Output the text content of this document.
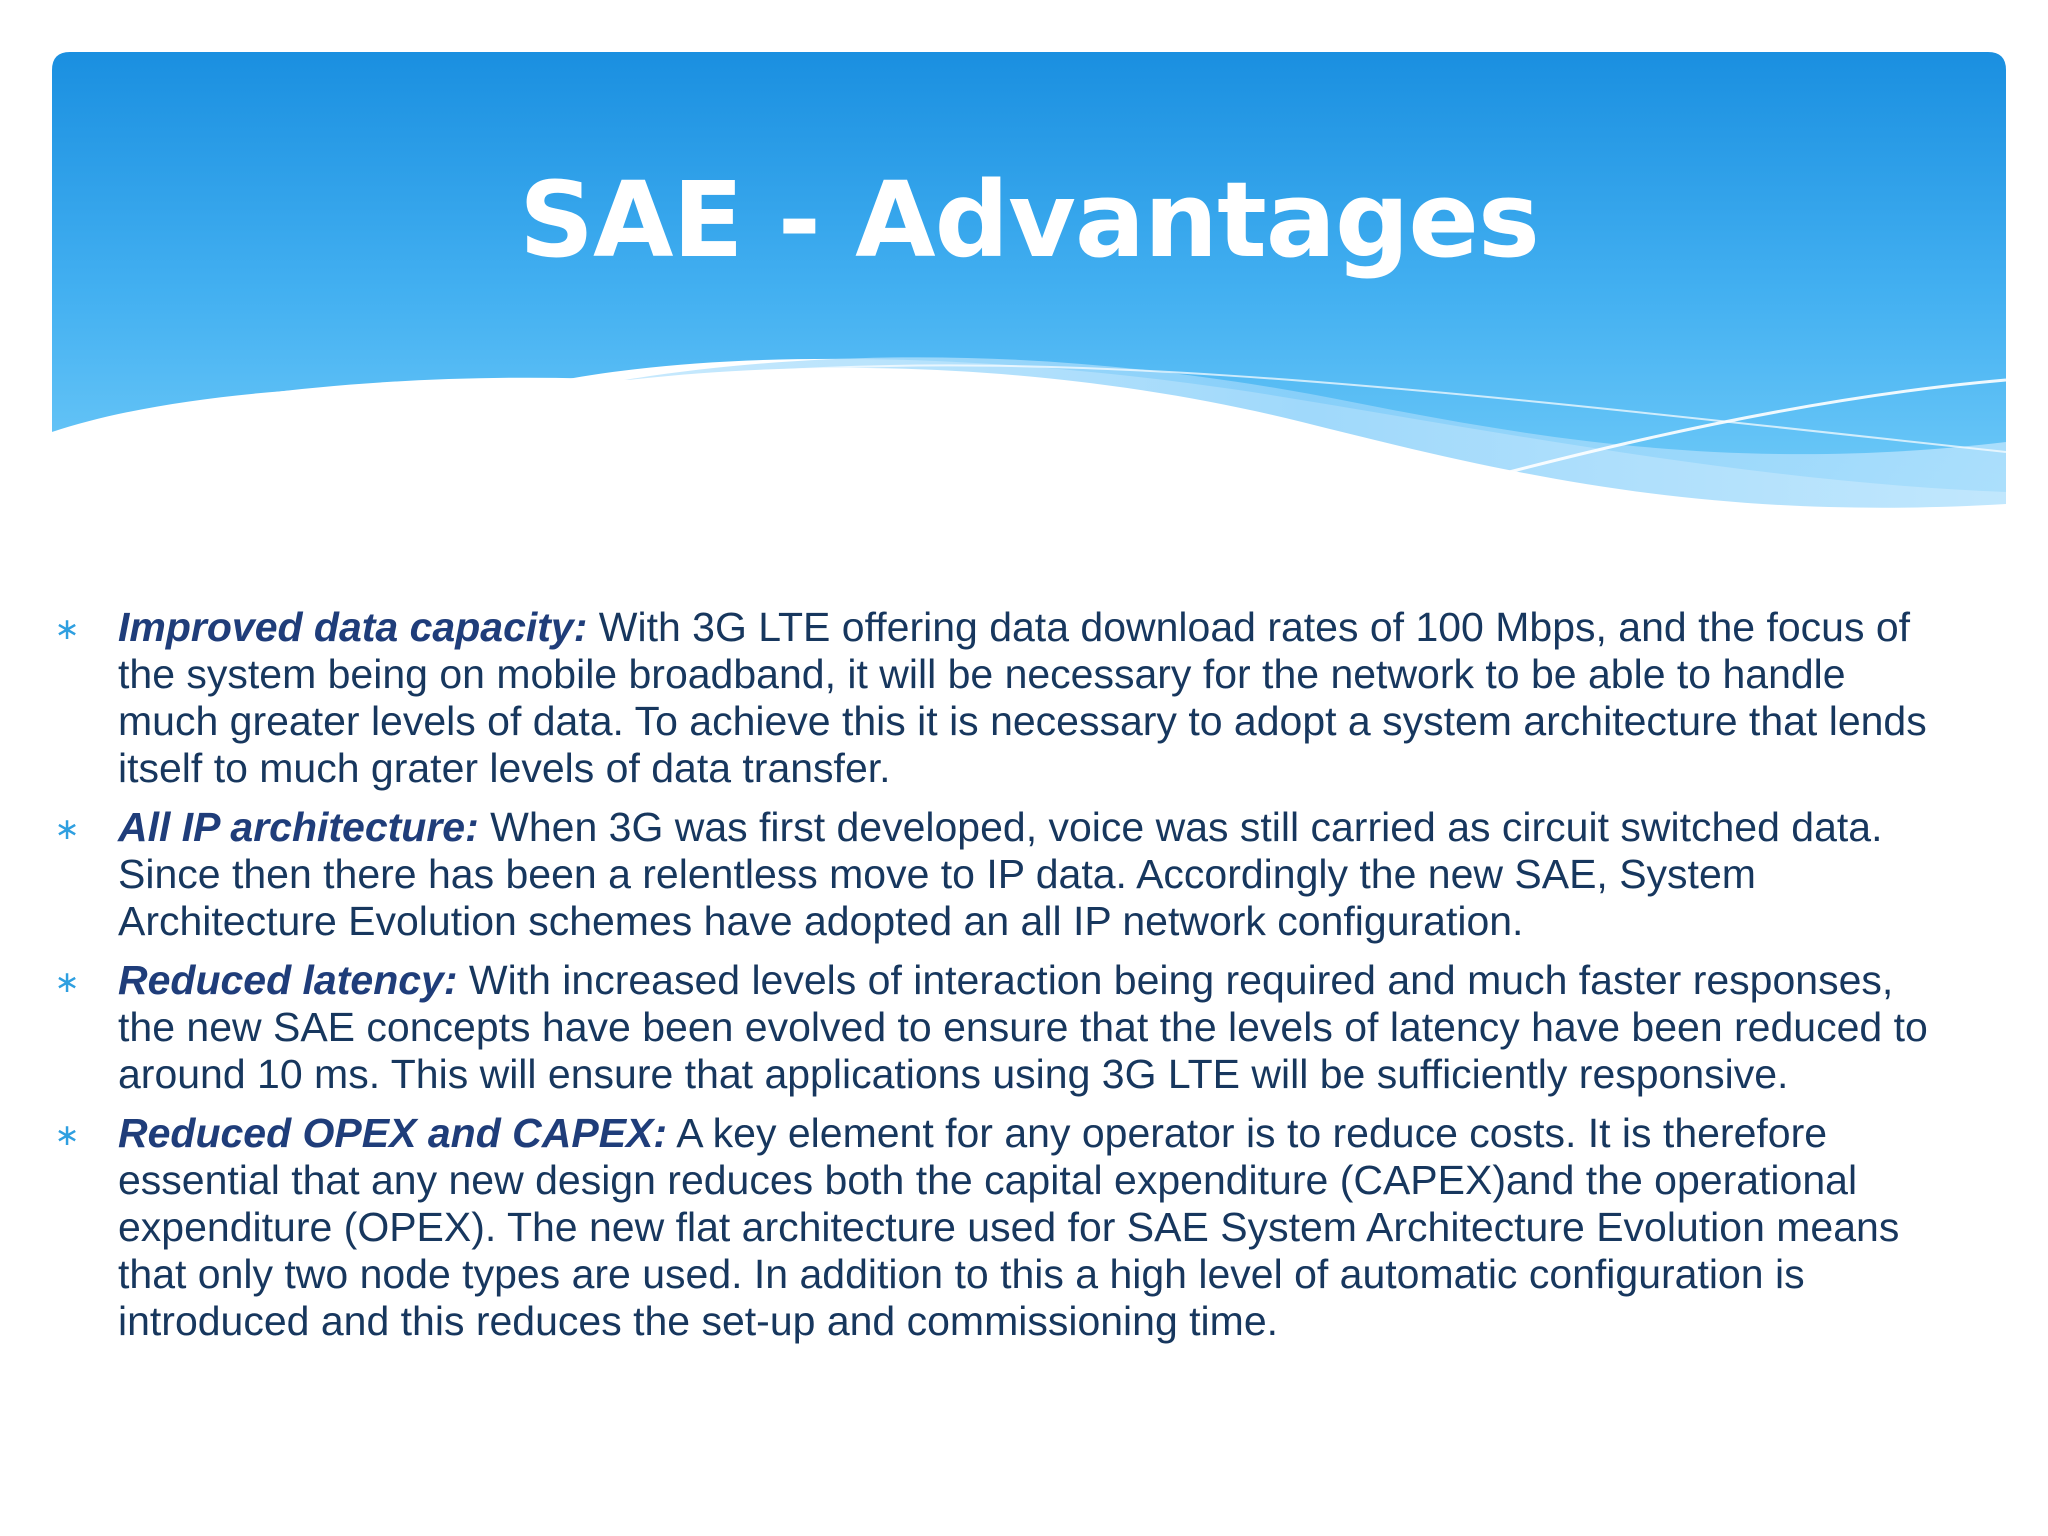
SAE - Advantages
∗ Improved data capacity: With 3G LTE offering data download rates of 100 Mbps, and the focus of the system being on mobile broadband, it will be necessary for the network to be able to handle much greater levels of data. To achieve this it is necessary to adopt a system architecture that lends itself to much grater levels of data transfer.
∗ All IP architecture: When 3G was first developed, voice was still carried as circuit switched data. Since then there has been a relentless move to IP data. Accordingly the new SAE, System Architecture Evolution schemes have adopted an all IP network configuration.
∗ Reduced latency: With increased levels of interaction being required and much faster responses, the new SAE concepts have been evolved to ensure that the levels of latency have been reduced to around 10 ms. This will ensure that applications using 3G LTE will be sufficiently responsive.
∗ Reduced OPEX and CAPEX: A key element for any operator is to reduce costs. It is therefore essential that any new design reduces both the capital expenditure (CAPEX)and the operational expenditure (OPEX). The new flat architecture used for SAE System Architecture Evolution means that only two node types are used. In addition to this a high level of automatic configuration is introduced and this reduces the set-up and commissioning time.
